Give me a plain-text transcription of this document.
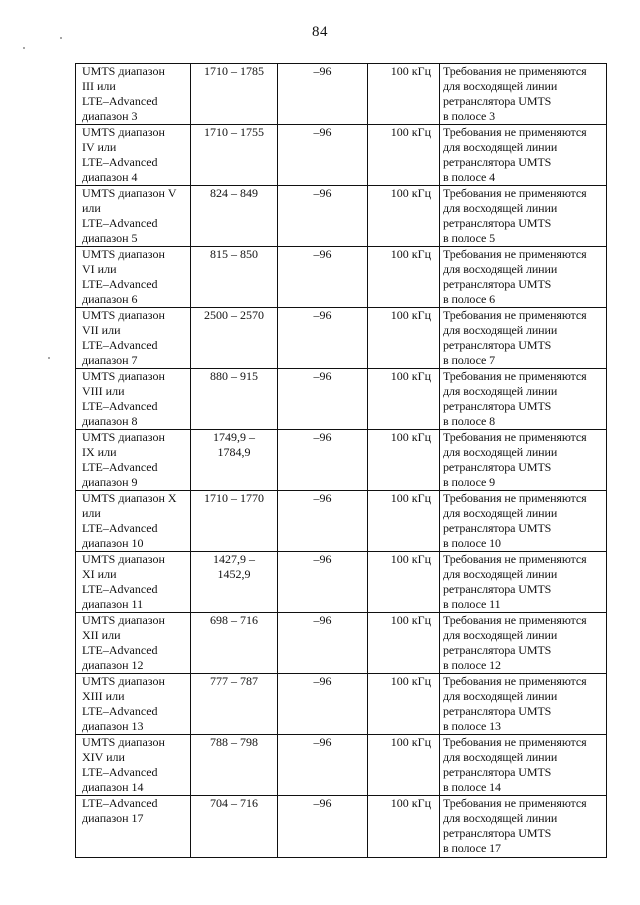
84
UMTS диапазон
III или
LTE–Advanced
диапазон 3	1710 – 1785	–96	100 кГц	Требования не применяются
для восходящей линии
ретранслятора UMTS
в полосе 3

UMTS диапазон
IV или
LTE–Advanced
диапазон 4	1710 – 1755	–96	100 кГц	Требования не применяются
для восходящей линии
ретранслятора UMTS
в полосе 4

UMTS диапазон V
или
LTE–Advanced
диапазон 5	824 – 849	–96	100 кГц	Требования не применяются
для восходящей линии
ретранслятора UMTS
в полосе 5

UMTS диапазон
VI или
LTE–Advanced
диапазон 6	815 – 850	–96	100 кГц	Требования не применяются
для восходящей линии
ретранслятора UMTS
в полосе 6

UMTS диапазон
VII или
LTE–Advanced
диапазон 7	2500 – 2570	–96	100 кГц	Требования не применяются
для восходящей линии
ретранслятора UMTS
в полосе 7

UMTS диапазон
VIII или
LTE–Advanced
диапазон 8	880 – 915	–96	100 кГц	Требования не применяются
для восходящей линии
ретранслятора UMTS
в полосе 8

UMTS диапазон
IX или
LTE–Advanced
диапазон 9	1749,9 –
1784,9	–96	100 кГц	Требования не применяются
для восходящей линии
ретранслятора UMTS
в полосе 9

UMTS диапазон X
или
LTE–Advanced
диапазон 10	1710 – 1770	–96	100 кГц	Требования не применяются
для восходящей линии
ретранслятора UMTS
в полосе 10

UMTS диапазон
XI или
LTE–Advanced
диапазон 11	1427,9 –
1452,9	–96	100 кГц	Требования не применяются
для восходящей линии
ретранслятора UMTS
в полосе 11

UMTS диапазон
XII или
LTE–Advanced
диапазон 12	698 – 716	–96	100 кГц	Требования не применяются
для восходящей линии
ретранслятора UMTS
в полосе 12

UMTS диапазон
XIII или
LTE–Advanced
диапазон 13	777 – 787	–96	100 кГц	Требования не применяются
для восходящей линии
ретранслятора UMTS
в полосе 13

UMTS диапазон
XIV или
LTE–Advanced
диапазон 14	788 – 798	–96	100 кГц	Требования не применяются
для восходящей линии
ретранслятора UMTS
в полосе 14

LTE–Advanced
диапазон 17	704 – 716	–96	100 кГц	Требования не применяются
для восходящей линии
ретранслятора UMTS
в полосе 17
